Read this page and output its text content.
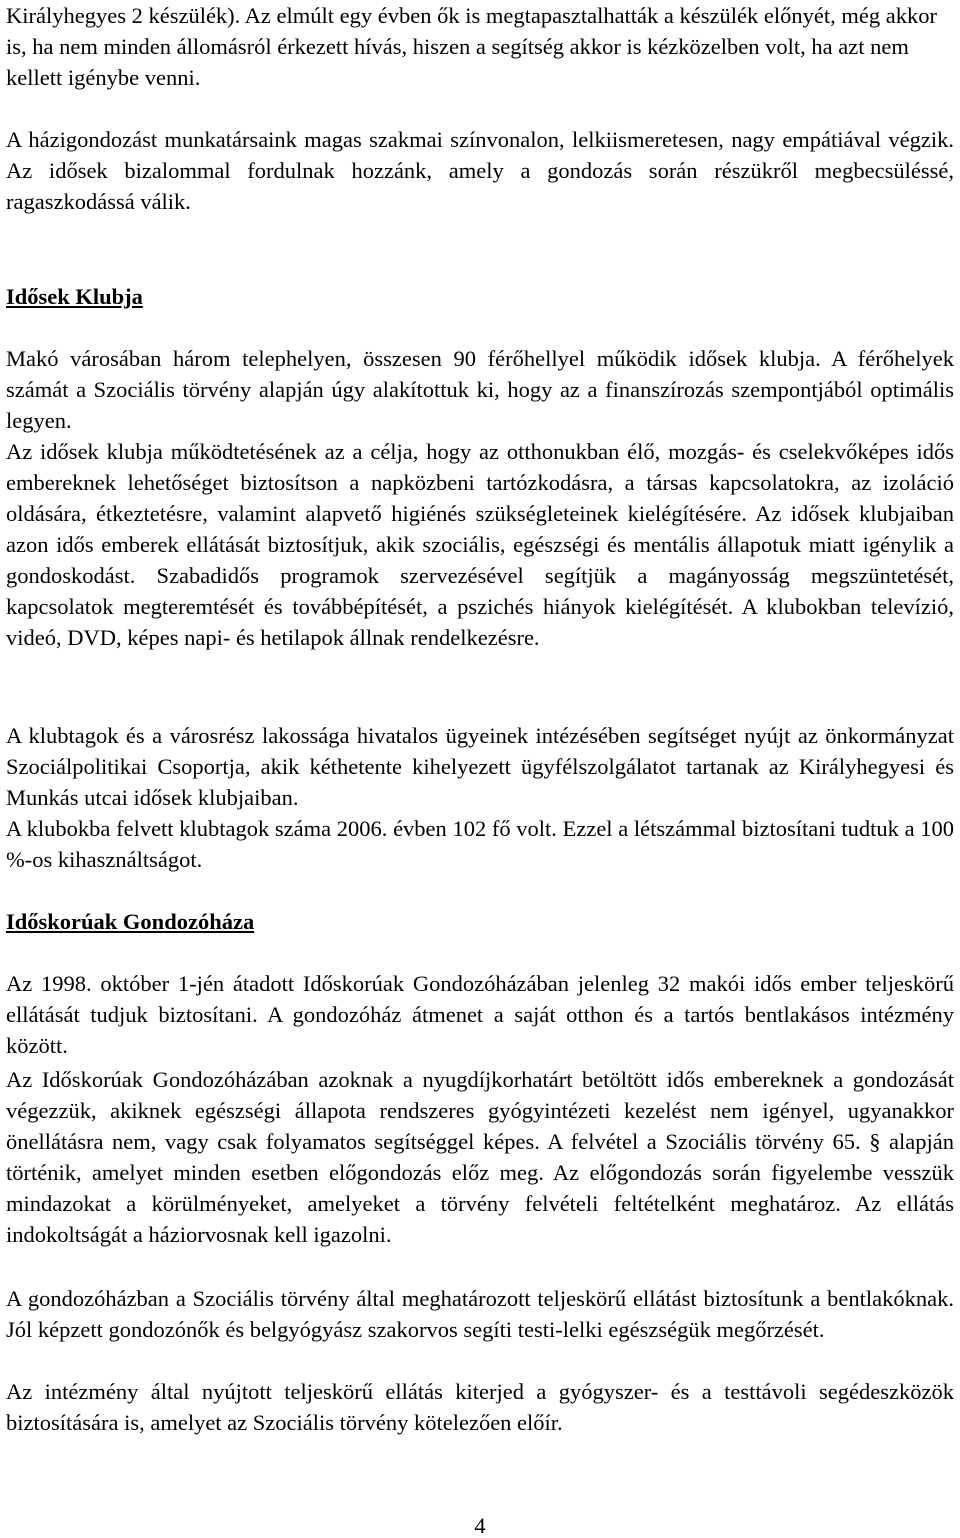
Királyhegyes 2 készülék). Az elmúlt egy évben ők is megtapasztalhatták a készülék előnyét, még akkor is, ha nem minden állomásról érkezett hívás, hiszen a segítség akkor is kézközelben volt, ha azt nem kellett igénybe venni.

A házigondozást munkatársaink magas szakmai színvonalon, lelkiismeretesen, nagy empátiával végzik. Az idősek bizalommal fordulnak hozzánk, amely a gondozás során részükről megbecsüléssé, ragaszkodássá válik.

Idősek Klubja

Makó városában három telephelyen, összesen 90 férőhellyel működik idősek klubja. A férőhelyek számát a Szociális törvény alapján úgy alakítottuk ki, hogy az a finanszírozás szempontjából optimális legyen.

Az idősek klubja működtetésének az a célja, hogy az otthonukban élő, mozgás- és cselekvőképes idős embereknek lehetőséget biztosítson a napközbeni tartózkodásra, a társas kapcsolatokra, az izoláció oldására, étkeztetésre, valamint alapvető higiénés szükségleteinek kielégítésére. Az idősek klubjaiban azon idős emberek ellátását biztosítjuk, akik szociális, egészségi és mentális állapotuk miatt igénylik a gondoskodást. Szabadidős programok szervezésével segítjük a magányosság megszüntetését, kapcsolatok megteremtését és továbbépítését, a pszichés hiányok kielégítését. A klubokban televízió, videó, DVD, képes napi- és hetilapok állnak rendelkezésre.

A klubtagok és a városrész lakossága hivatalos ügyeinek intézésében segítséget nyújt az önkormányzat Szociálpolitikai Csoportja, akik kéthetente kihelyezett ügyfélszolgálatot tartanak az Királyhegyesi és Munkás utcai idősek klubjaiban.

A klubokba felvett klubtagok száma 2006. évben 102 fő volt. Ezzel a létszámmal biztosítani tudtuk a 100 %-os kihasználtságot.

Időskorúak Gondozóháza

Az 1998. október 1-jén átadott Időskorúak Gondozóházában jelenleg 32 makói idős ember teljeskörű ellátását tudjuk biztosítani. A gondozóház átmenet a saját otthon és a tartós bentlakásos intézmény között.

Az Időskorúak Gondozóházában azoknak a nyugdíjkorhatárt betöltött idős embereknek a gondozását végezzük, akiknek egészségi állapota rendszeres gyógyintézeti kezelést nem igényel, ugyanakkor önellátásra nem, vagy csak folyamatos segítséggel képes. A felvétel a Szociális törvény 65. § alapján történik, amelyet minden esetben előgondozás előz meg. Az előgondozás során figyelembe vesszük mindazokat a körülményeket, amelyeket a törvény felvételi feltételként meghatároz. Az ellátás indokoltságát a háziorvosnak kell igazolni.

A gondozóházban a Szociális törvény által meghatározott teljeskörű ellátást biztosítunk a bentlakóknak. Jól képzett gondozónők és belgyógyász szakorvos segíti testi-lelki egészségük megőrzését.

Az intézmény által nyújtott teljeskörű ellátás kiterjed a gyógyszer- és a testtávoli segédeszközök biztosítására is, amelyet az Szociális törvény kötelezően előír.

4
